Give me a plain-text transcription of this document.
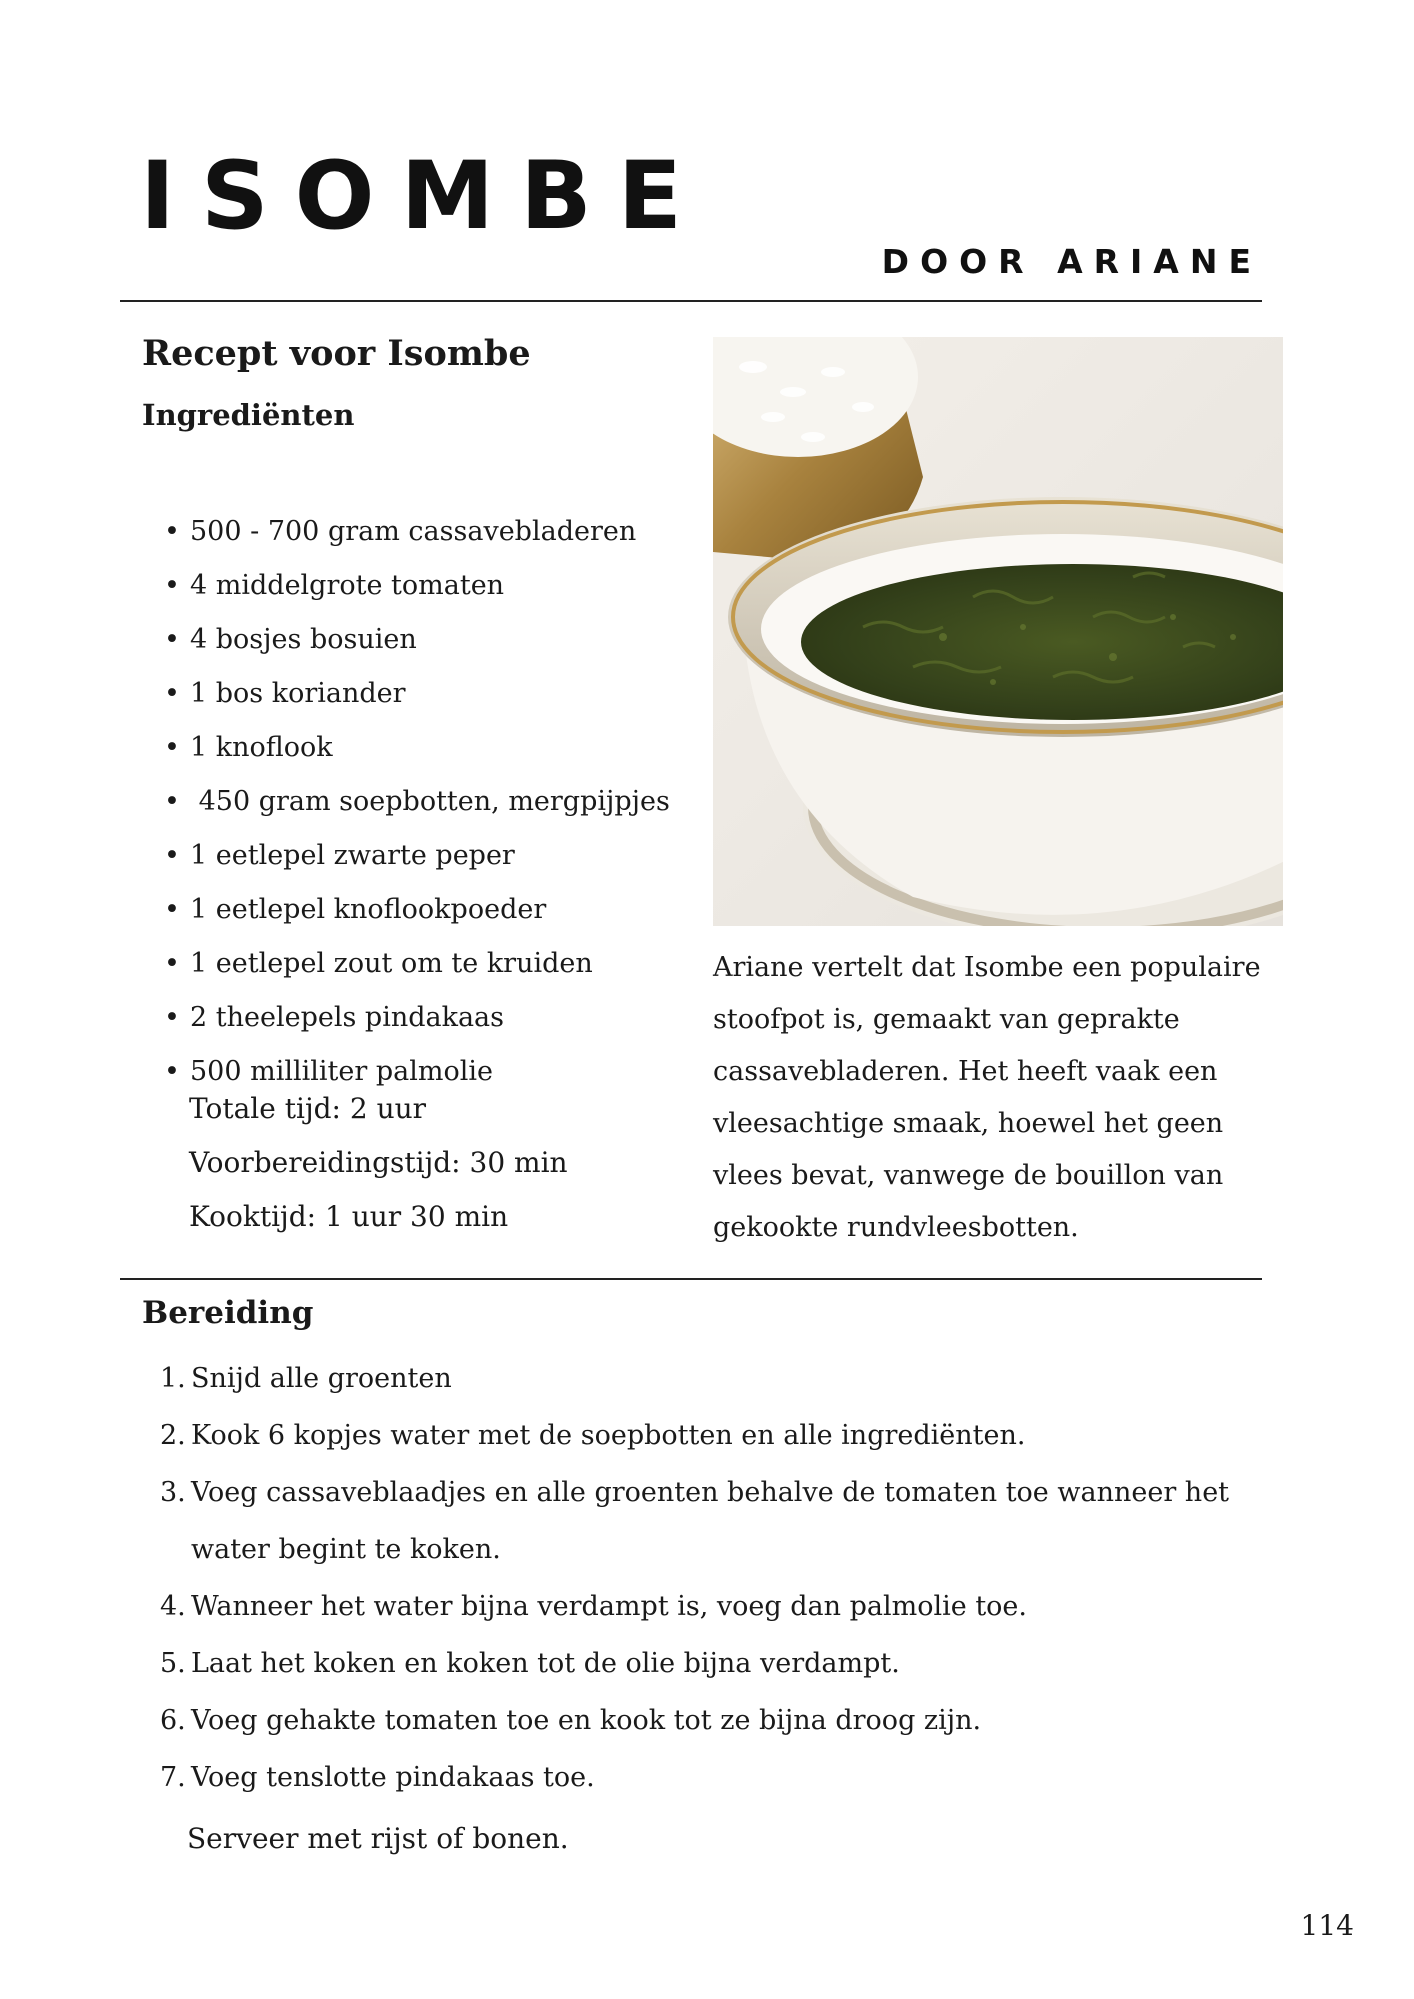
ISOMBE
DOOR ARIANE
Recept voor Isombe
Ingrediënten
• 500 - 700 gram cassavebladeren
• 4 middelgrote tomaten
• 4 bosjes bosuien
• 1 bos koriander
• 1 knoflook
• 450 gram soepbotten, mergpijpjes
• 1 eetlepel zwarte peper
• 1 eetlepel knoflookpoeder
• 1 eetlepel zout om te kruiden
• 2 theelepels pindakaas
• 500 milliliter palmolie
Totale tijd: 2 uur
Voorbereidingstijd: 30 min
Kooktijd: 1 uur 30 min

Ariane vertelt dat Isombe een populaire stoofpot is, gemaakt van geprakte cassavebladeren. Het heeft vaak een vleesachtige smaak, hoewel het geen vlees bevat, vanwege de bouillon van gekookte rundvleesbotten.

Bereiding
1. Snijd alle groenten
2. Kook 6 kopjes water met de soepbotten en alle ingrediënten.
3. Voeg cassaveblaadjes en alle groenten behalve de tomaten toe wanneer het water begint te koken.
4. Wanneer het water bijna verdampt is, voeg dan palmolie toe.
5. Laat het koken en koken tot de olie bijna verdampt.
6. Voeg gehakte tomaten toe en kook tot ze bijna droog zijn.
7. Voeg tenslotte pindakaas toe.

Serveer met rijst of bonen.

114
